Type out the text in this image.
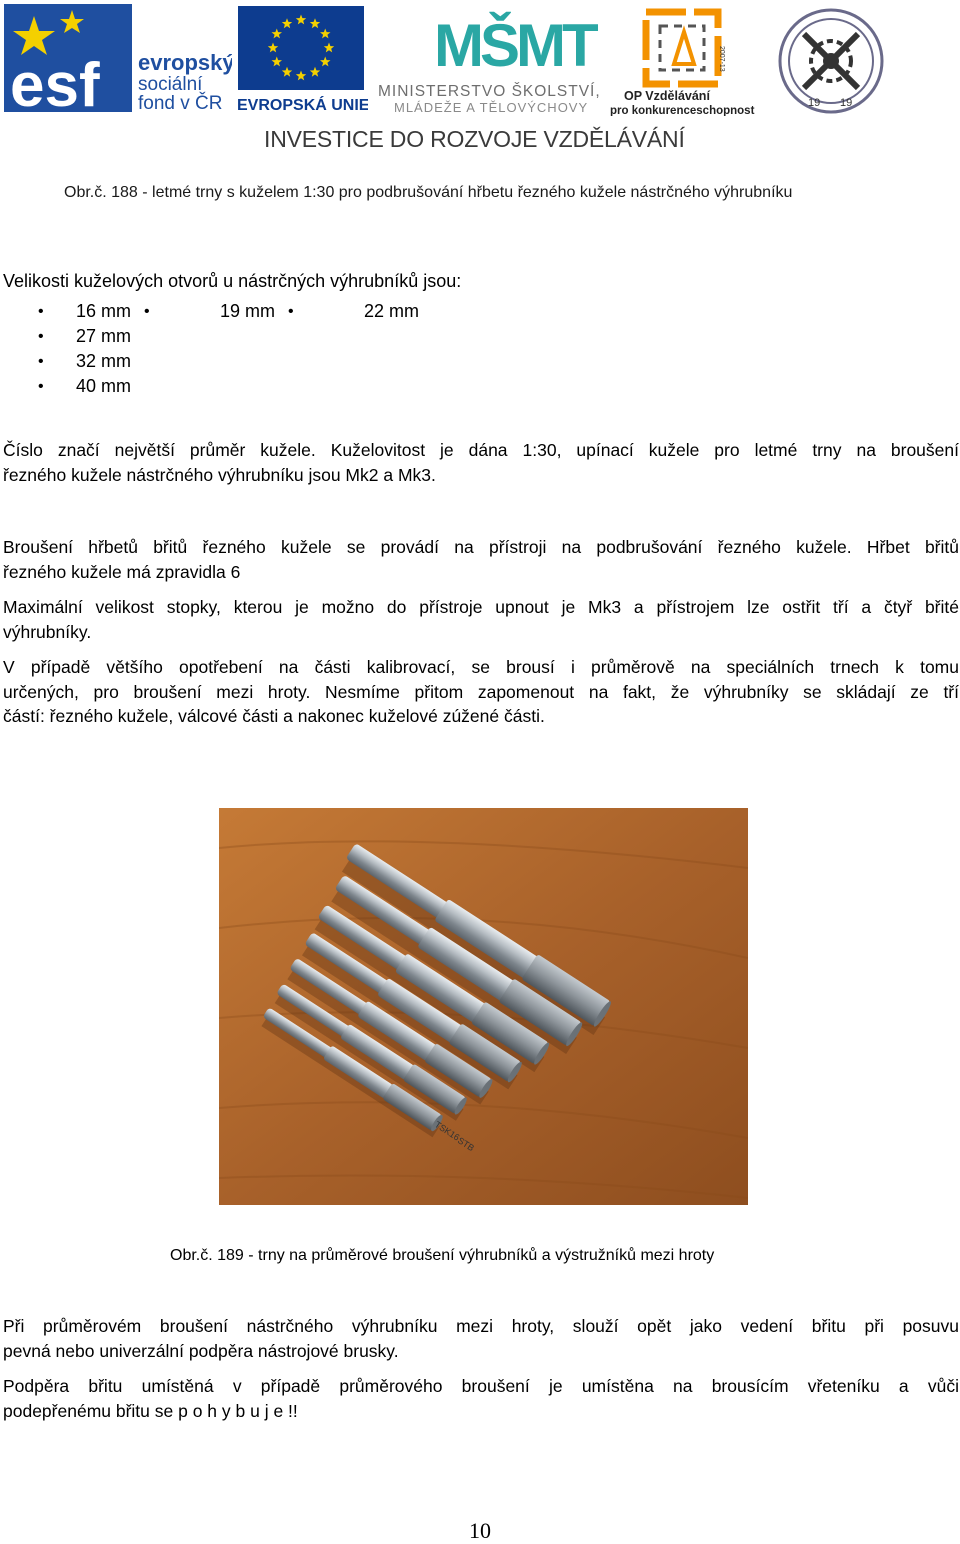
esf evropský
sociální
fond v ČR EVROPSKÁ UNIE
MŠMT
MINISTERSTVO ŠKOLSTVÍ,
MLÁDEŽE A TĚLOVÝCHOVY
2007-13
OP Vzdělávání
pro konkurenceschopnost
19 19
INVESTICE DO ROZVOJE VZDĚLÁVÁNÍ
Obr.č. 188 - letmé trny s kuželem 1:30 pro podbrušování hřbetu řezného kužele nástrčného výhrubníku
Velikosti kuželových otvorů u nástrčných výhrubníků jsou:
• 16 mm •	19 mm •	22 mm
• 27 mm
• 32 mm
• 40 mm
Číslo značí největší průměr kužele. Kuželovitost je dána 1:30, upínací kužele pro letmé trny na broušení
řezného kužele nástrčného výhrubníku jsou Mk2 a Mk3.
Broušení hřbetů břitů řezného kužele se provádí na přístroji na podbrušování řezného kužele. Hřbet břitů
řezného kužele má zpravidla 6
Maximální velikost stopky, kterou je možno do přístroje upnout je Mk3 a přístrojem lze ostřit tří a čtyř břité
výhrubníky.
V případě většího opotřebení na části kalibrovací, se brousí i průměrově na speciálních trnech k tomu
určených, pro broušení mezi hroty. Nesmíme přitom zapomenout na fakt, že výhrubníky se skládají ze tří
částí: řezného kužele, válcové části a nakonec kuželové zúžené části.
TSK16
STB
Obr.č. 189 - trny na průměrové broušení výhrubníků a výstružníků mezi hroty
Při průměrovém broušení nástrčného výhrubníku mezi hroty, slouží opět jako vedení břitu při posuvu
pevná nebo univerzální podpěra nástrojové brusky.
Podpěra břitu umístěná v případě průměrového broušení je umístěna na brousícím vřeteníku a vůči
podepřenému břitu se p o h y b u j e !!
10
